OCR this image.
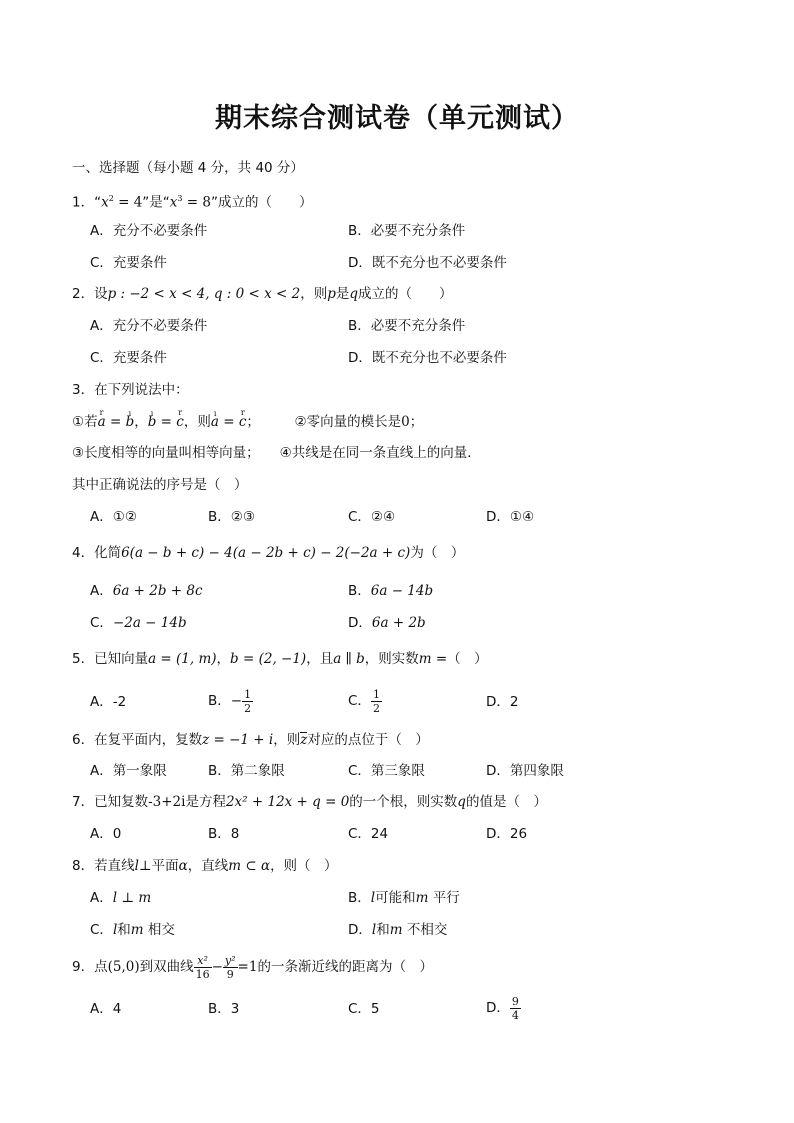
期末综合测试卷（单元测试）
一、选择题（每小题 4 分，共 40 分）
1．“$x^2 = 4$”是“$x^3 = 8$”成立的（　　）
A．充分不必要条件	B．必要不充分条件
C．充要条件	D．既不充分也不必要条件
2．设p : −2 < x < 4, q : 0 < x < 2，则p是q成立的（　　）
A．充分不必要条件	B．必要不充分条件
C．充要条件	D．既不充分也不必要条件
3．在下列说法中：
①若r a = ı b，ı b = r c，则ı a = r c；	②零向量的模长是0；
③长度相等的向量叫相等向量； ④共线是在同一条直线上的向量．
其中正确说法的序号是（　）
A．①②	B．②③	C．②④	D．①④
4．化简6(a − b + c) − 4(a − 2b + c) − 2(−2a + c)为（　）
A．6a + 2b + 8c	B．6a − 14b
C．−2a − 14b	D．6a + 2b
5．已知向量a = (1, m)，b = (2, −1)，且a ∥ b，则实数m =（　）
A．-2	B．− $\frac{1}{2}$	C． $\frac{1}{2}$	D．2
6．在复平面内，复数z = −1 + i，则z对应的点位于（　）
A．第一象限	B．第二象限	C．第三象限	D．第四象限
7．已知复数-3+2i是方程2x² + 12x + q = 0的一个根，则实数q的值是（　）
A．0	B．8	C．24	D．26
8．若直线l⊥平面α，直线m ⊂ α，则（　）
A．l ⊥ m	B．l可能和m 平行
C．l和m 相交	D．l和m 不相交
9．点(5,0)到双曲线 $\frac{\text{x²}}{16} - \frac{\text{y²}}{9} =1$的一条渐近线的距离为（　）
A．4	B．3	C．5	D． $\frac{9}{4}$
